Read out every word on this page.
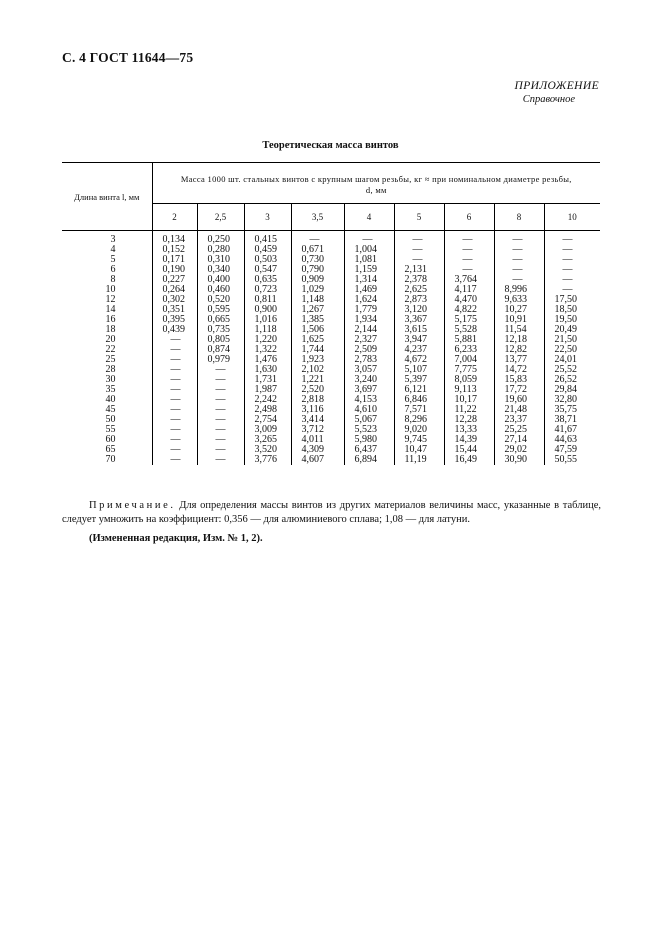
С. 4 ГОСТ 11644—75
ПРИЛОЖЕНИЕ
Справочное
Теоретическая масса винтов
Длина винта l, мм	Масса 1000 шт. стальных винтов с крупным шагом резьбы, кг ≈ при номинальном диаметре резьбы,
d, мм								

	2	2,5	3	3,5	4	5	6	8	10
3	0,134	0,250	0,415	—	—	—	—	—	—
4	0,152	0,280	0,459	0,671	1,004	—	—	—	—
5	0,171	0,310	0,503	0,730	1,081	—	—	—	—
6	0,190	0,340	0,547	0,790	1,159	2,131	—	—	—
8	0,227	0,400	0,635	0,909	1,314	2,378	3,764	—	—
10	0,264	0,460	0,723	1,029	1,469	2,625	4,117	8,996	—
12	0,302	0,520	0,811	1,148	1,624	2,873	4,470	9,633	17,50
14	0,351	0,595	0,900	1,267	1,779	3,120	4,822	10,27	18,50
16	0,395	0,665	1,016	1,385	1,934	3,367	5,175	10,91	19,50
18	0,439	0,735	1,118	1,506	2,144	3,615	5,528	11,54	20,49
20	—	0,805	1,220	1,625	2,327	3,947	5,881	12,18	21,50
22	—	0,874	1,322	1,744	2,509	4,237	6,233	12,82	22,50
25	—	0,979	1,476	1,923	2,783	4,672	7,004	13,77	24,01
28	—	—	1,630	2,102	3,057	5,107	7,775	14,72	25,52
30	—	—	1,731	1,221	3,240	5,397	8,059	15,83	26,52
35	—	—	1,987	2,520	3,697	6,121	9,113	17,72	29,84
40	—	—	2,242	2,818	4,153	6,846	10,17	19,60	32,80
45	—	—	2,498	3,116	4,610	7,571	11,22	21,48	35,75
50	—	—	2,754	3,414	5,067	8,296	12,28	23,37	38,71
55	—	—	3,009	3,712	5,523	9,020	13,33	25,25	41,67
60	—	—	3,265	4,011	5,980	9,745	14,39	27,14	44,63
65	—	—	3,520	4,309	6,437	10,47	15,44	29,02	47,59
70	—	—	3,776	4,607	6,894	11,19	16,49	30,90	50,55
Примечание. Для определения массы винтов из других материалов величины масс, указанные в таблице, следует умножить на коэффициент: 0,356 — для алюминиевого сплава; 1,08 — для латуни.
(Измененная редакция, Изм. № 1, 2).
